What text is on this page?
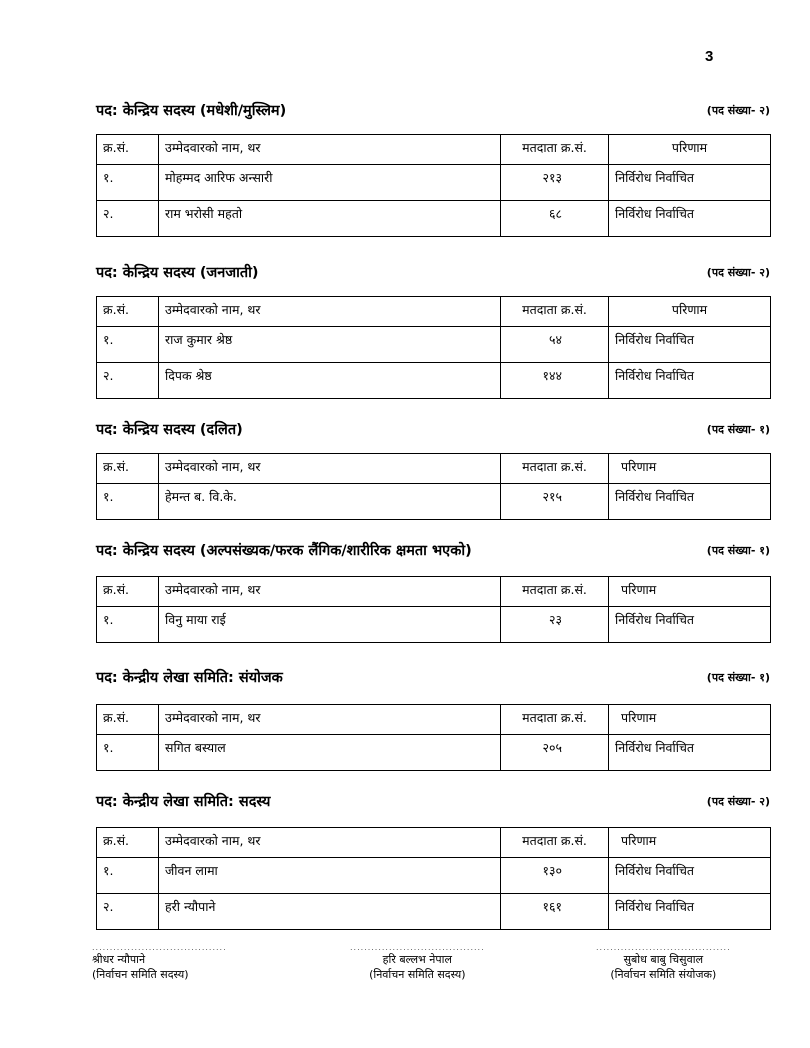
3
पद: केन्द्रिय सदस्य (मधेशी/मुस्लिम)	(पद संख्या- २)
क्र.सं.	उम्मेदवारको नाम, थर	मतदाता क्र.सं.	परिणाम
१.	मोहम्मद आरिफ अन्सारी	२१३	निर्विरोध निर्वाचित
२.	राम भरोसी महतो	६८	निर्विरोध निर्वाचित
पद: केन्द्रिय सदस्य (जनजाती)	(पद संख्या- २)
क्र.सं.	उम्मेदवारको नाम, थर	मतदाता क्र.सं.	परिणाम
१.	राज कुमार श्रेष्ठ	५४	निर्विरोध निर्वाचित
२.	दिपक श्रेष्ठ	१४४	निर्विरोध निर्वाचित
पद: केन्द्रिय सदस्य (दलित)	(पद संख्या- १)
क्र.सं.	उम्मेदवारको नाम, थर	मतदाता क्र.सं.	परिणाम
१.	हेमन्त ब. वि.के.	२१५	निर्विरोध निर्वाचित
पद: केन्द्रिय सदस्य (अल्पसंख्यक/फरक लैंगिक/शारीरिक क्षमता भएको)	(पद संख्या- १)
क्र.सं.	उम्मेदवारको नाम, थर	मतदाता क्र.सं.	परिणाम
१.	विनु माया राई	२३	निर्विरोध निर्वाचित
पद: केन्द्रीय लेखा समिति: संयोजक	(पद संख्या- १)
क्र.सं.	उम्मेदवारको नाम, थर	मतदाता क्र.सं.	परिणाम
१.	सगित बस्याल	२०५	निर्विरोध निर्वाचित
पद: केन्द्रीय लेखा समिति: सदस्य	(पद संख्या- २)
क्र.सं.	उम्मेदवारको नाम, थर	मतदाता क्र.सं.	परिणाम
१.	जीवन लामा	१३०	निर्विरोध निर्वाचित
२.	हरी न्यौपाने	१६१	निर्विरोध निर्वाचित
......................................
श्रीधर न्यौपाने
(निर्वाचन समिति सदस्य)
......................................
हरि बल्लभ नेपाल
(निर्वाचन समिति सदस्य)
......................................
सुबोध बाबु चिसुवाल
(निर्वाचन समिति संयोजक)
